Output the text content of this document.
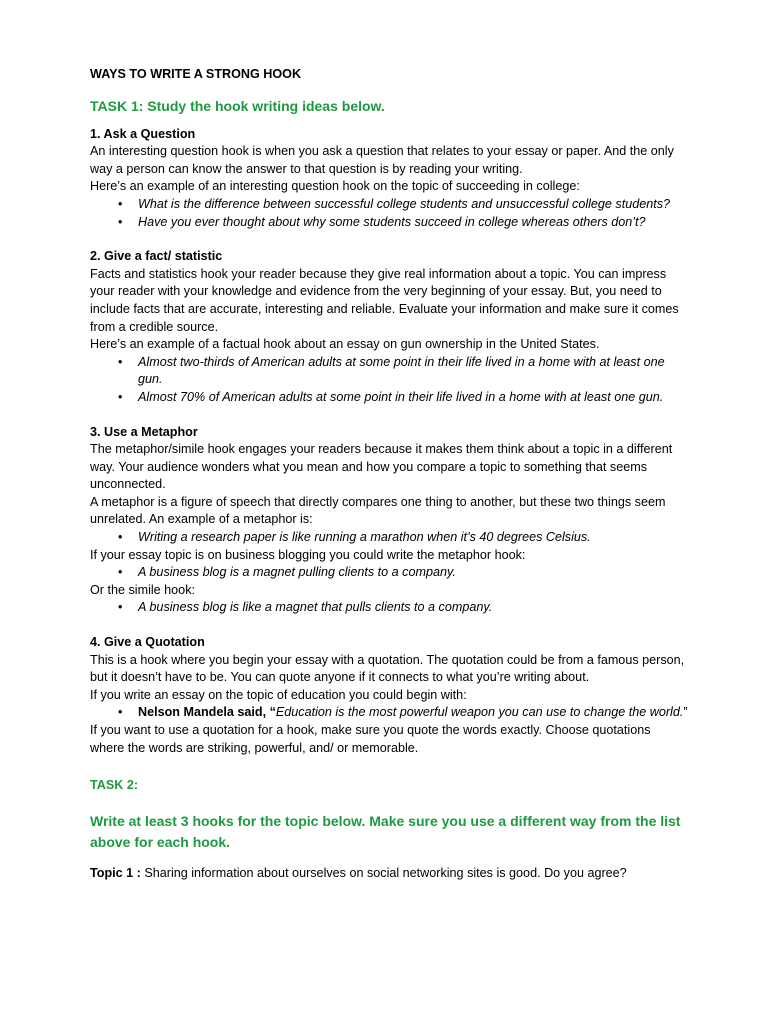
WAYS TO WRITE A STRONG HOOK

TASK 1: Study the hook writing ideas below.

1. Ask a Question

An interesting question hook is when you ask a question that relates to your essay or paper. And the only way a person can know the answer to that question is by reading your writing.

Here’s an example of an interesting question hook on the topic of succeeding in college:

• What is the difference between successful college students and unsuccessful college students?
• Have you ever thought about why some students succeed in college whereas others don’t?

2. Give a fact/ statistic

Facts and statistics hook your reader because they give real information about a topic. You can impress your reader with your knowledge and evidence from the very beginning of your essay. But, you need to include facts that are accurate, interesting and reliable. Evaluate your information and make sure it comes from a credible source.

Here’s an example of a factual hook about an essay on gun ownership in the United States.

• Almost two-thirds of American adults at some point in their life lived in a home with at least one gun.
• Almost 70% of American adults at some point in their life lived in a home with at least one gun.

3. Use a Metaphor

The metaphor/simile hook engages your readers because it makes them think about a topic in a different way. Your audience wonders what you mean and how you compare a topic to something that seems unconnected.

A metaphor is a figure of speech that directly compares one thing to another, but these two things seem unrelated. An example of a metaphor is:

• Writing a research paper is like running a marathon when it’s 40 degrees Celsius.

If your essay topic is on business blogging you could write the metaphor hook:

• A business blog is a magnet pulling clients to a company.

Or the simile hook:

• A business blog is like a magnet that pulls clients to a company.

4. Give a Quotation

This is a hook where you begin your essay with a quotation. The quotation could be from a famous person, but it doesn’t have to be. You can quote anyone if it connects to what you’re writing about.

If you write an essay on the topic of education you could begin with:

• Nelson Mandela said, “Education is the most powerful weapon you can use to change the world.”

If you want to use a quotation for a hook, make sure you quote the words exactly. Choose quotations where the words are striking, powerful, and/ or memorable.

TASK 2:

Write at least 3 hooks for the topic below. Make sure you use a different way from the list above for each hook.

Topic 1 : Sharing information about ourselves on social networking sites is good. Do you agree?
